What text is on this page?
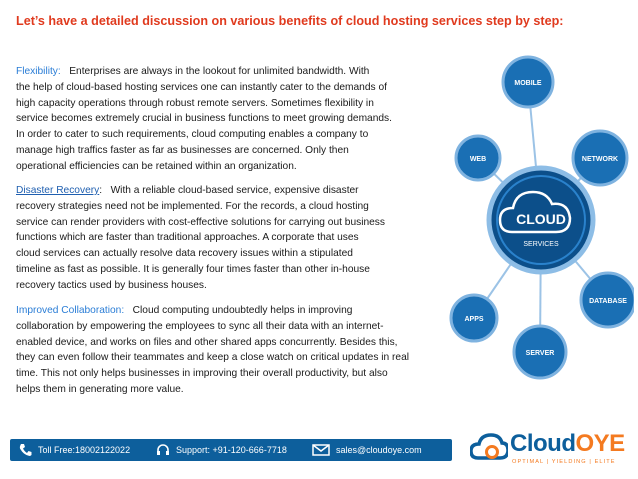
Let’s have a detailed discussion on various benefits of cloud hosting services step by step:
Flexibility: Enterprises are always in the lookout for unlimited bandwidth. With
the help of cloud-based hosting services one can instantly cater to the demands of
high capacity operations through robust remote servers. Sometimes flexibility in
service becomes extremely crucial in business functions to meet growing demands.
In order to cater to such requirements, cloud computing enables a company to
manage high traffics faster as far as businesses are concerned. Only then
operational efficiencies can be retained within an organization.
Disaster Recovery:   With a reliable cloud-based service, expensive disaster
recovery strategies need not be implemented. For the records, a cloud hosting
service can render providers with cost-effective solutions for carrying out business
functions which are faster than traditional approaches. A corporate that uses
cloud services can actually resolve data recovery issues within a stipulated
timeline as fast as possible. It is generally four times faster than other in-house
recovery tactics used by business houses.
Improved Collaboration: Cloud computing undoubtedly helps in improving
collaboration by empowering the employees to sync all their data with an internet-
enabled device, and works on files and other shared apps concurrently. Besides this,
they can even follow their teammates and keep a close watch on critical updates in real
time. This not only helps businesses in improving their overall productivity, but also
helps them in generating more value.
MOBILE
NETWORK
DATABASE
SERVER
APPS
WEB
CLOUD
SERVICES
Toll Free:18002122022	Support: +91-120-666-7718	sales@cloudoye.com	CloudOYE
OPTIMAL | YIELDING | ELITE
